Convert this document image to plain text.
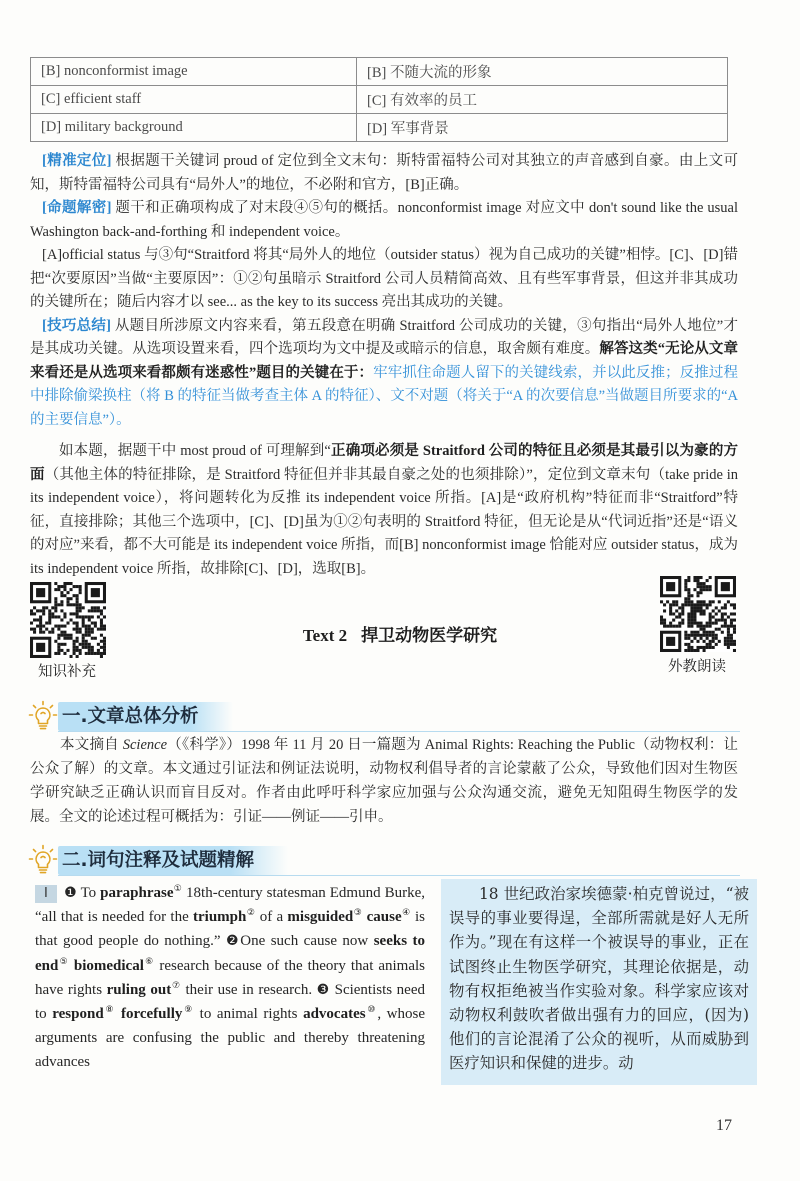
[B] nonconformist image	[B] 不随大流的形象
[C] efficient staff	[C] 有效率的员工
[D] military background	[D] 军事背景

[精准定位] 根据题干关键词 proud of 定位到全文末句：斯特雷福特公司对其独立的声音感到自豪。由上文可知，斯特雷福特公司具有“局外人”的地位，不必附和官方，[B]正确。

[命题解密] 题干和正确项构成了对末段④⑤句的概括。nonconformist image 对应文中 don't sound like the usual Washington back-and-forthing 和 independent voice。

[A]official status 与③句“Straitford 将其“局外人的地位（outsider status）视为自己成功的关键”相悖。[C]、[D]错把“次要原因”当做“主要原因”：①②句虽暗示 Straitford 公司人员精简高效、且有些军事背景，但这并非其成功的关键所在；随后内容才以 see... as the key to its success 亮出其成功的关键。

[技巧总结] 从题目所涉原文内容来看，第五段意在明确 Straitford 公司成功的关键，③句指出“局外人地位”才是其成功关键。从选项设置来看，四个选项均为文中提及或暗示的信息，取舍颇有难度。解答这类“无论从文章来看还是从选项来看都颇有迷惑性”题目的关键在于：牢牢抓住命题人留下的关键线索，并以此反推；反推过程中排除偷梁换柱（将 B 的特征当做考查主体 A 的特征）、文不对题（将关于“A 的次要信息”当做题目所要求的“A 的主要信息”）。

如本题，据题干中 most proud of 可理解到“正确项必须是 Straitford 公司的特征且必须是其最引以为豪的方面（其他主体的特征排除，是 Straitford 特征但并非其最自豪之处的也须排除）”，定位到文章末句（take pride in its independent voice），将问题转化为反推 its independent voice 所指。[A]是“政府机构”特征而非“Straitford”特征，直接排除；其他三个选项中，[C]、[D]虽为①②句表明的 Straitford 特征，但无论是从“代词近指”还是“语义的对应”来看，都不大可能是 its independent voice 所指，而[B] nonconformist image 恰能对应 outsider status，成为 its independent voice 所指，故排除[C]、[D]，选取[B]。

知识补充	外教朗读
Text 2 捍卫动物医学研究
一.文章总体分析
本文摘自 Science（《科学》）1998 年 11 月 20 日一篇题为 Animal Rights: Reaching the Public（动物权利：让公众了解）的文章。本文通过引证法和例证法说明，动物权利倡导者的言论蒙蔽了公众，导致他们因对生物医学研究缺乏正确认识而盲目反对。作者由此呼吁科学家应加强与公众沟通交流，避免无知阻碍生物医学的发展。全文的论述过程可概括为：引证——例证——引申。
二.词句注释及试题精解
Ⅰ ❶ To paraphrase① 18th-century statesman Edmund Burke, “all that is needed for the triumph② of a misguided③ cause④ is that good people do nothing.” ❷One such cause now seeks to end⑤ biomedical⑥ research because of the theory that animals have rights ruling out⑦ their use in research. ❸ Scientists need to respond⑧ forcefully⑨ to animal rights advocates⑩, whose arguments are confusing the public and thereby threatening advances
18 世纪政治家埃德蒙·柏克曾说过，“被误导的事业要得逞，全部所需就是好人无所作为。”现在有这样一个被误导的事业，正在试图终止生物医学研究，其理论依据是，动物有权拒绝被当作实验对象。科学家应该对动物权利鼓吹者做出强有力的回应，(因为)他们的言论混淆了公众的视听，从而威胁到医疗知识和保健的进步。动
17
